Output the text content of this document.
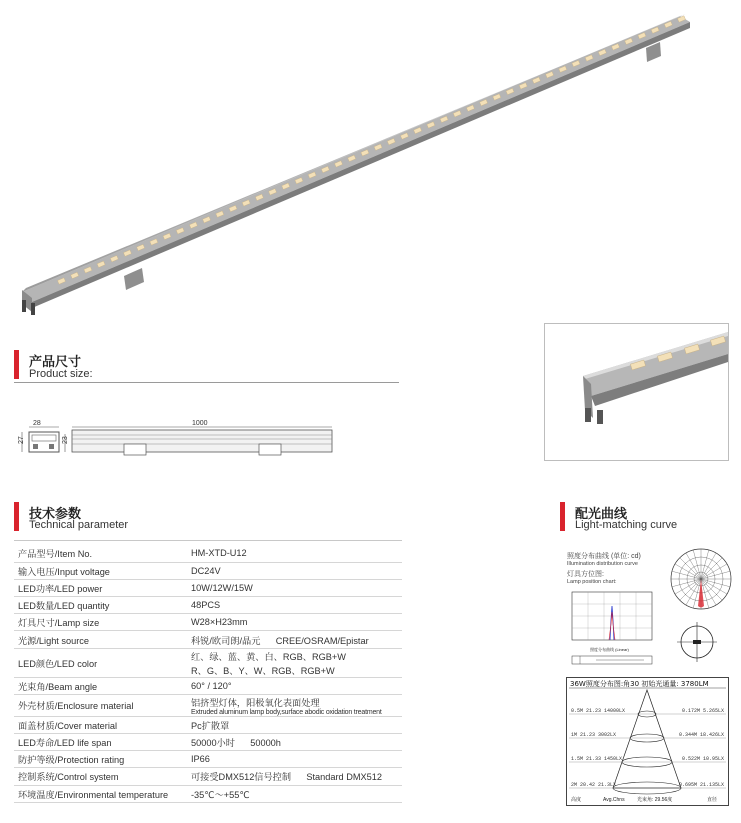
产品尺寸
Product size:
28
27	23
1000
技术参数
Technical parameter
产品型号/Item No.	HM-XTD-U12

输入电压/Input voltage	DC24V

LED功率/LED power	10W/12W/15W

LED数量/LED quantity	48PCS

灯具尺寸/Lamp size	W28×H23mm

光源/Light source	科锐/欧司朗/晶元      CREE/OSRAM/Epistar

LED颜色/LED color	红、绿、蓝、黄、白、RGB、RGB+W
R、G、B、Y、W、RGB、RGB+W

光束角/Beam angle	60° / 120°

外壳材质/Enclosure material	铝挤型灯体，阳极氧化表面处理
Extruded aluminum lamp body,surface abodic oxidation treatment

面盖材质/Cover material	Pc扩散罩

LED寿命/LED life span	50000小时      50000h

防护等级/Protection rating	IP66

控制系统/Control system	可接受DMX512信号控制      Standard DMX512

环境温度/Environmental temperature	-35℃～+55℃
配光曲线
Light-matching curve
照度分布曲线 (单位: cd)
Illumination distribution curve
灯具方位图:
Lamp position chart:
照度分布曲线 (Linear)
36W照度分布图:角30 初始光通量: 3780LM
0.5M 21.23 14000LX	0.172M 5.265LX
1M 21.23 3002LX	0.344M 18.426LX
1.5M 21.33 1450LX	0.522M 10.95LX
2M 20.42 21.3LX	0.695M 21.135LX
高度	Avg.Chns 光束角: 29.56度	直径
